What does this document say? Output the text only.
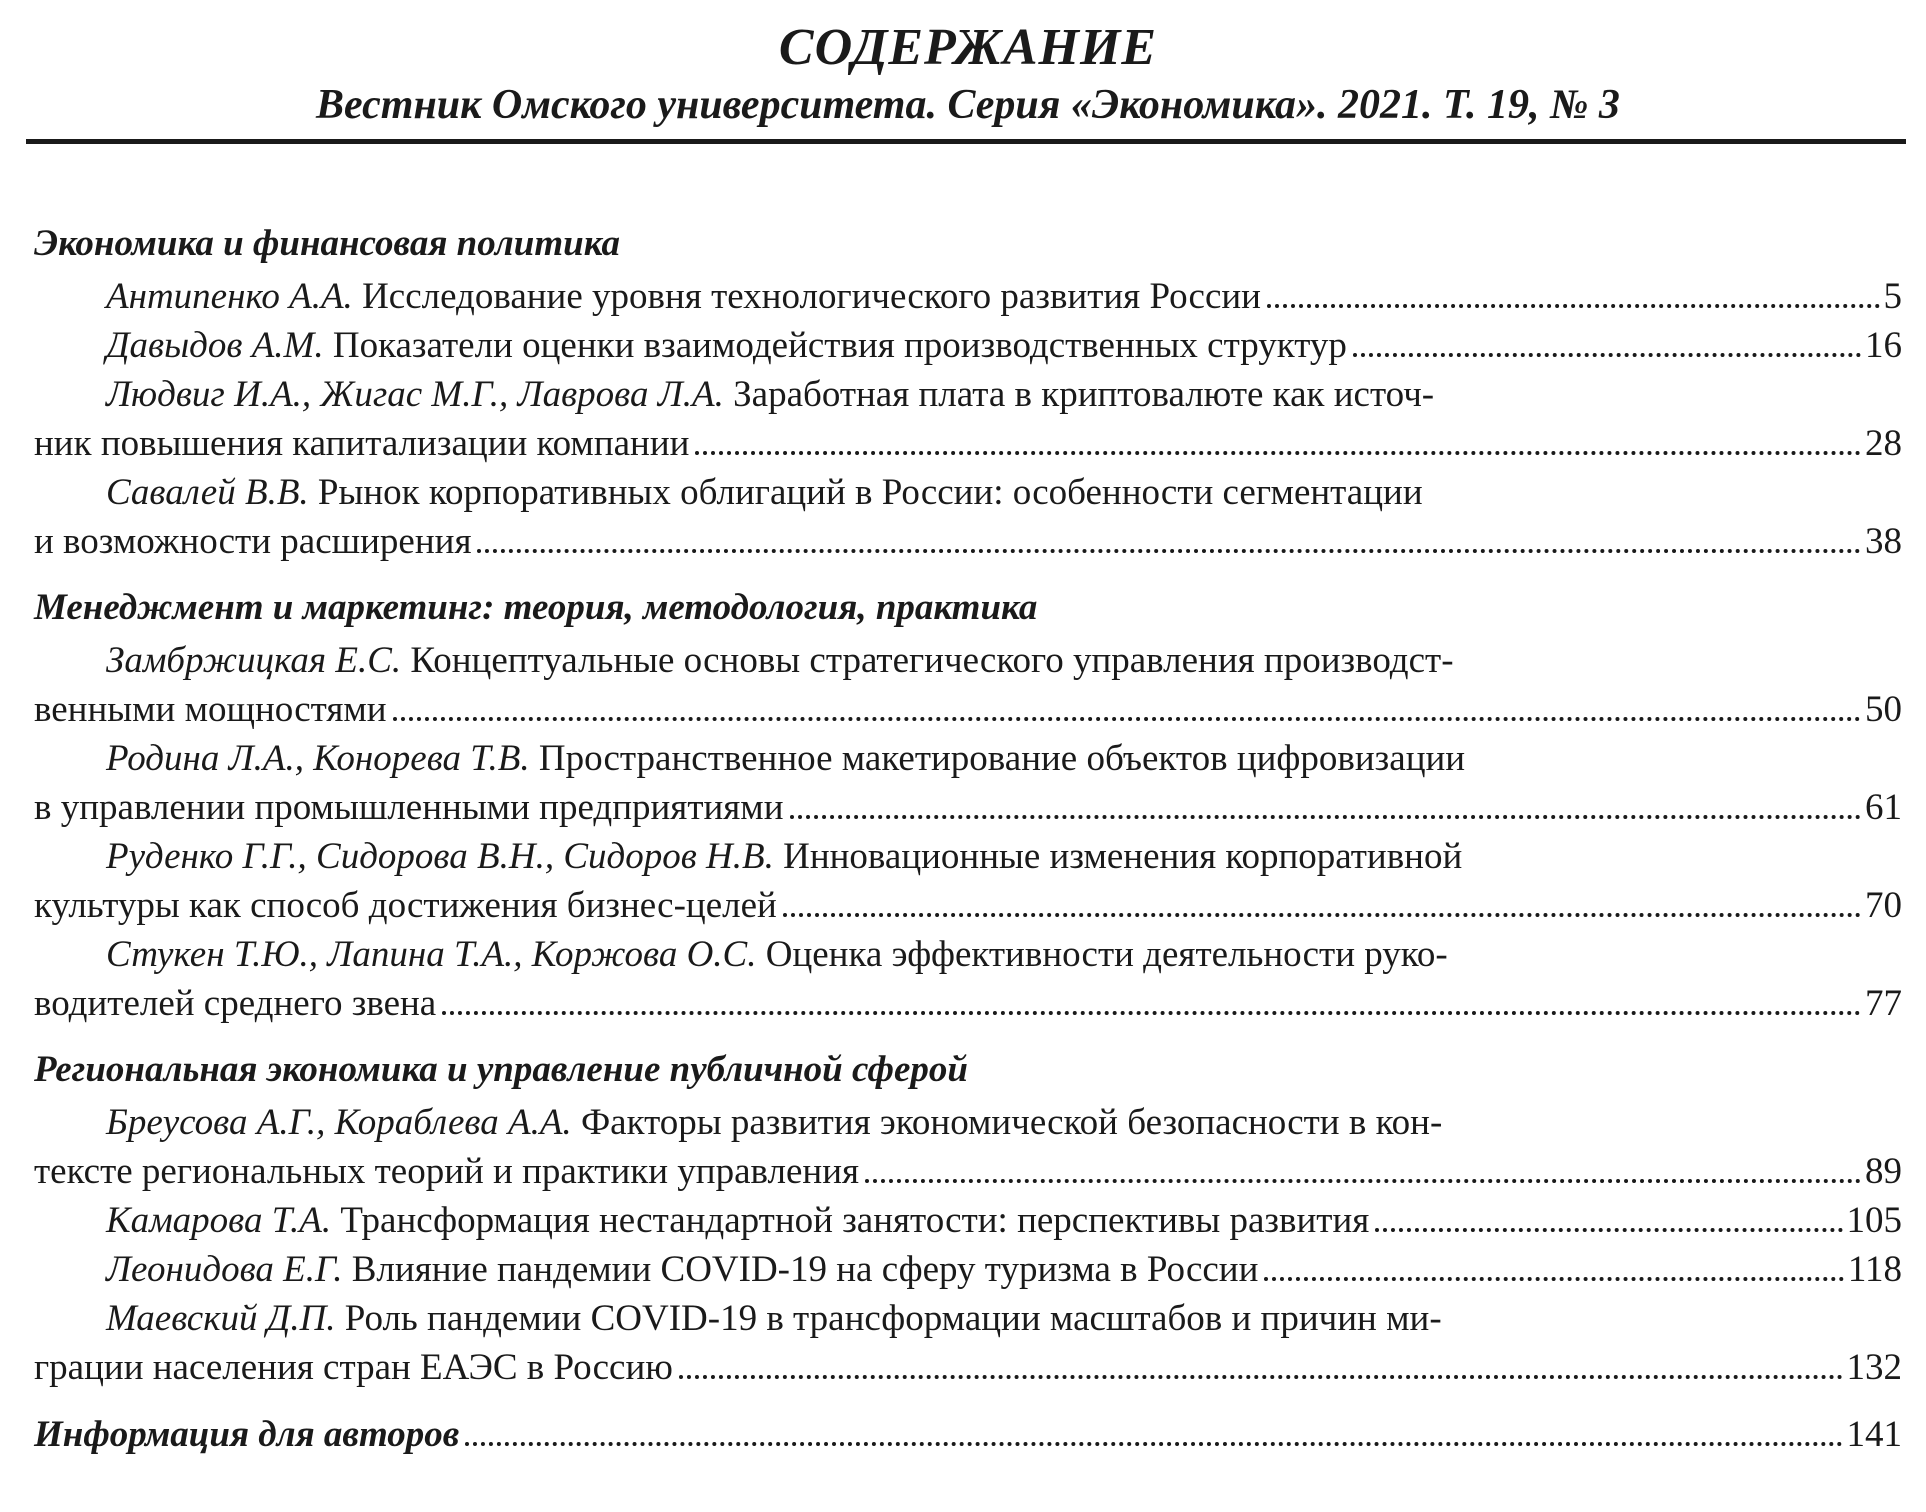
СОДЕРЖАНИЕ

Вестник Омского университета. Серия «Экономика». 2021. Т. 19, № 3

Экономика и финансовая политика
Антипенко А.А. Исследование уровня технологического развития России	5
Давыдов А.М. Показатели оценки взаимодействия производственных структур	16
Людвиг И.А., Жигас М.Г., Лаврова Л.А. Заработная плата в криптовалюте как источ-
ник повышения капитализации компании	28
Савалей В.В. Рынок корпоративных облигаций в России: особенности сегментации
и возможности расширения	38
Менеджмент и маркетинг: теория, методология, практика
Замбржицкая Е.С. Концептуальные основы стратегического управления производст-
венными мощностями	50
Родина Л.А., Конорева Т.В. Пространственное макетирование объектов цифровизации
в управлении промышленными предприятиями	61
Руденко Г.Г., Сидорова В.Н., Сидоров Н.В. Инновационные изменения корпоративной
культуры как способ достижения бизнес-целей	70
Стукен Т.Ю., Лапина Т.А., Коржова О.С. Оценка эффективности деятельности руко-
водителей среднего звена	77
Региональная экономика и управление публичной сферой
Бреусова А.Г., Кораблева А.А. Факторы развития экономической безопасности в кон-
тексте региональных теорий и практики управления	89
Камарова Т.А. Трансформация нестандартной занятости: перспективы развития	105
Леонидова Е.Г. Влияние пандемии COVID-19 на сферу туризма в России	118
Маевский Д.П. Роль пандемии COVID-19 в трансформации масштабов и причин ми-
грации населения стран ЕАЭС в Россию	132
Информация для авторов	141
